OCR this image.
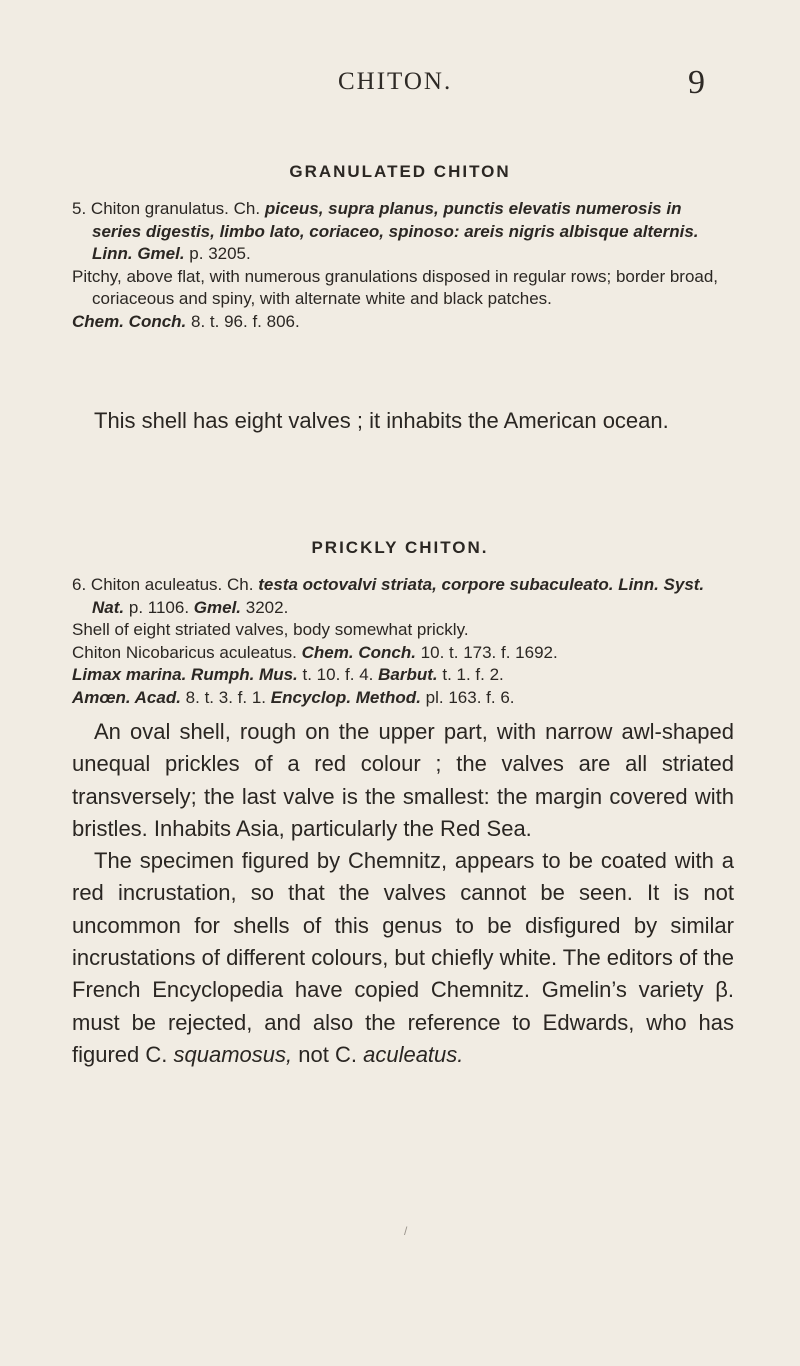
CHITON.	9
GRANULATED CHITON

5. Chiton granulatus. Ch. piceus, supra planus, punctis elevatis numerosis in series digestis, limbo lato, coriaceo, spinoso: areis nigris albisque alternis. Linn. Gmel. p. 3205.

Pitchy, above flat, with numerous granulations disposed in regular rows; border broad, coriaceous and spiny, with alternate white and black patches.

Chem. Conch. 8. t. 96. f. 806.

This shell has eight valves ; it inhabits the American ocean.

PRICKLY CHITON.

6. Chiton aculeatus. Ch. testa octovalvi striata, corpore subaculeato. Linn. Syst. Nat. p. 1106. Gmel. 3202.

Shell of eight striated valves, body somewhat prickly.

Chiton Nicobaricus aculeatus. Chem. Conch. 10. t. 173. f. 1692.

Limax marina. Rumph. Mus. t. 10. f. 4. Barbut. t. 1. f. 2.

Amœn. Acad. 8. t. 3. f. 1. Encyclop. Method. pl. 163. f. 6.

An oval shell, rough on the upper part, with narrow awl-shaped unequal prickles of a red colour ; the valves are all striated transversely; the last valve is the smallest: the margin covered with bristles. Inhabits Asia, particularly the Red Sea.

The specimen figured by Chemnitz, appears to be coated with a red incrustation, so that the valves cannot be seen. It is not uncommon for shells of this genus to be disfigured by similar incrustations of different colours, but chiefly white. The editors of the French Encyclopedia have copied Chemnitz. Gmelin’s variety β. must be rejected, and also the reference to Edwards, who has figured C. squamosus, not C. aculeatus.

/
